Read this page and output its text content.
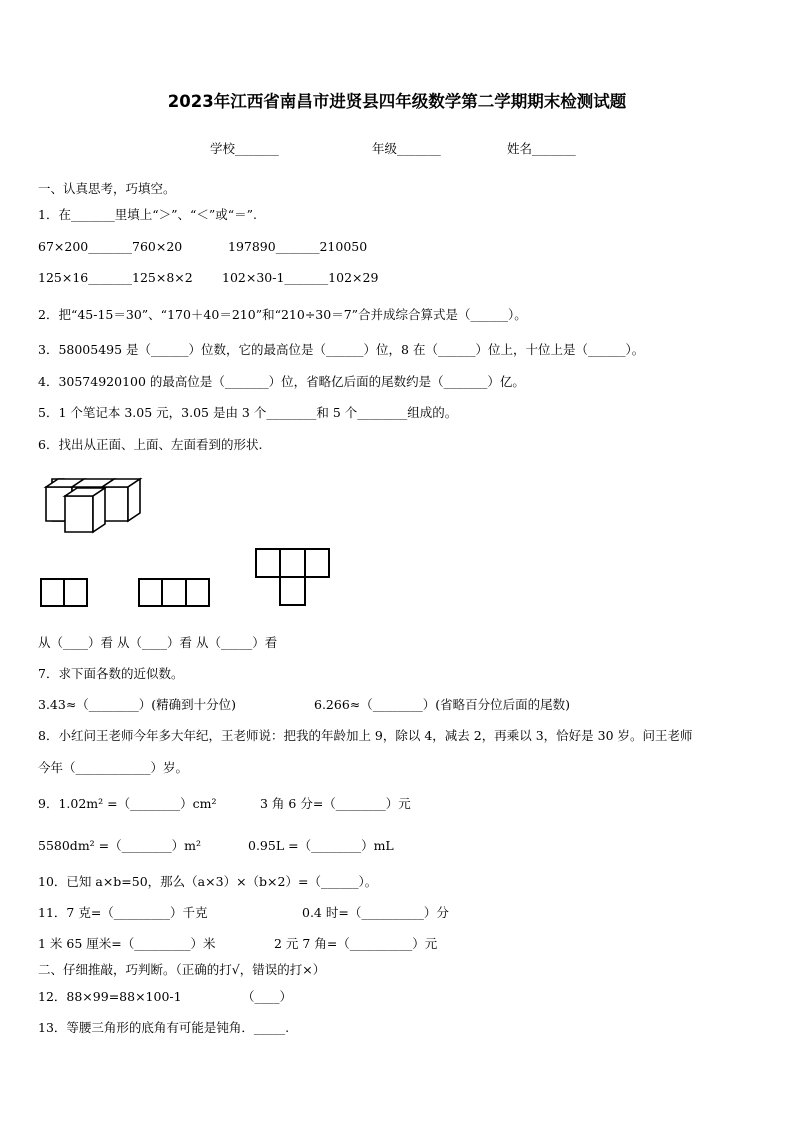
2023年江西省南昌市进贤县四年级数学第二学期期末检测试题
学校_______	年级_______	姓名_______
一、认真思考，巧填空。
1．在_______里填上“＞”、“＜”或“＝”.
67×200_______760×20	197890_______210050
125×16_______125×8×2 102×30-1_______102×29
2．把“45-15＝30”、“170＋40＝210”和“210÷30＝7”合并成综合算式是（______）。
3．58005495 是（______）位数，它的最高位是（______）位，8 在（______）位上，十位上是（______）。
4．30574920100 的最高位是（_______）位，省略亿后面的尾数约是（_______）亿。
5．1 个笔记本 3.05 元，3.05 是由 3 个________和 5 个________组成的。
6．找出从正面、上面、左面看到的形状.
从（____）看 从（____）看 从（_____）看
7．求下面各数的近似数。
3.43≈（________）(精确到十分位)	6.266≈（________）(省略百分位后面的尾数)
8．小红问王老师今年多大年纪，王老师说：把我的年龄加上 9，除以 4，减去 2，再乘以 3，恰好是 30 岁。问王老师
今年（____________）岁。
9．1.02m² =（________）cm²	3 角 6 分=（________）元
5580dm² =（________）m²	0.95L =（________）mL
10．已知 a×b=50，那么（a×3）×（b×2）=（______）。
11．7 克=（_________）千克	0.4 时=（__________）分
1 米 65 厘米=（_________）米	2 元 7 角=（__________）元
二、仔细推敲，巧判断。（正确的打√，错误的打×）
12．88×99=88×100-1	（____）
13．等腰三角形的底角有可能是钝角．_____.
